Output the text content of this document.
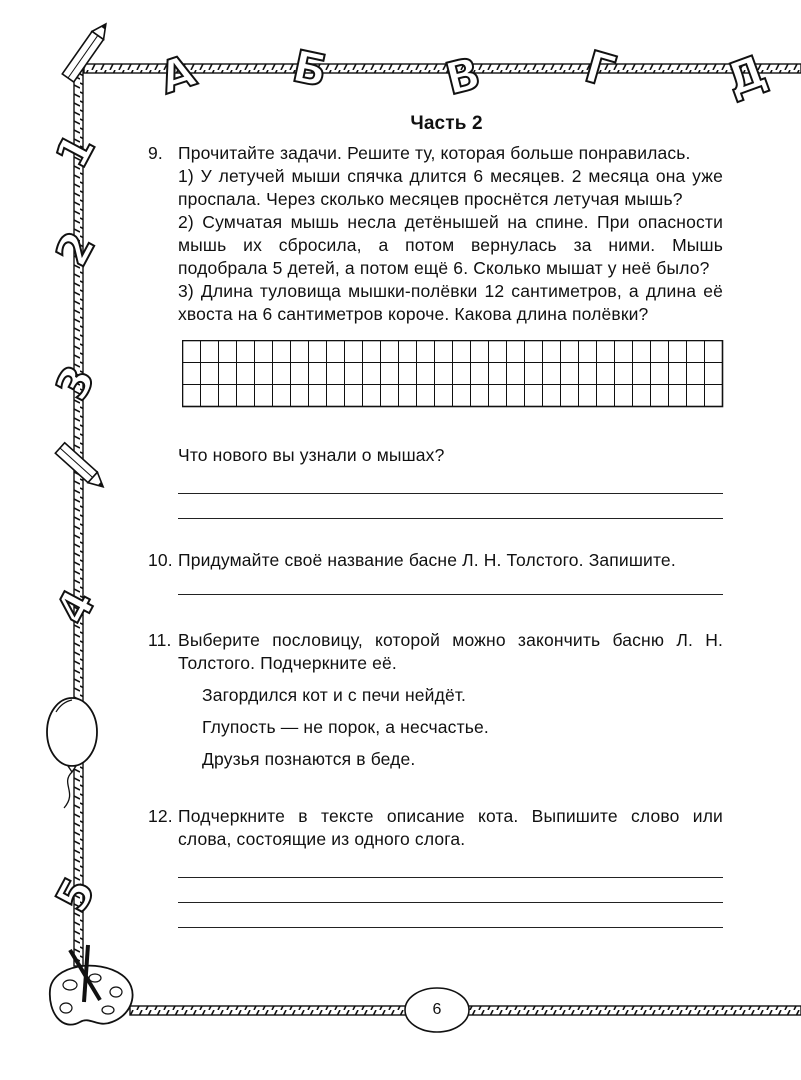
А Б В Г Д
1
2
3
4
5
Часть 2
9. Прочитайте задачи. Решите ту, которая больше понравилась.

1) У летучей мыши спячка длится 6 месяцев. 2 месяца она уже проспала. Через сколько месяцев проснётся летучая мышь?

2) Сумчатая мышь несла детёнышей на спине. При опасности мышь их сбросила, а потом вернулась за ними. Мышь подобрала 5 детей, а потом ещё 6. Сколько мышат у неё было?

3) Длина туловища мышки-полёвки 12 сантиметров, а длина её хвоста на 6 сантиметров короче. Какова длина полёвки?

Что нового вы узнали о мышах?

10. Придумайте своё название басне Л. Н. Толстого. Запишите.

11. Выберите пословицу, которой можно закончить басню Л. Н. Толстого. Подчеркните её.

Загордился кот и с печи нейдёт.

Глупость — не порок, а несчастье.

Друзья познаются в беде.

12. Подчеркните в тексте описание кота. Выпишите слово или слова, состоящие из одного слога.

6
